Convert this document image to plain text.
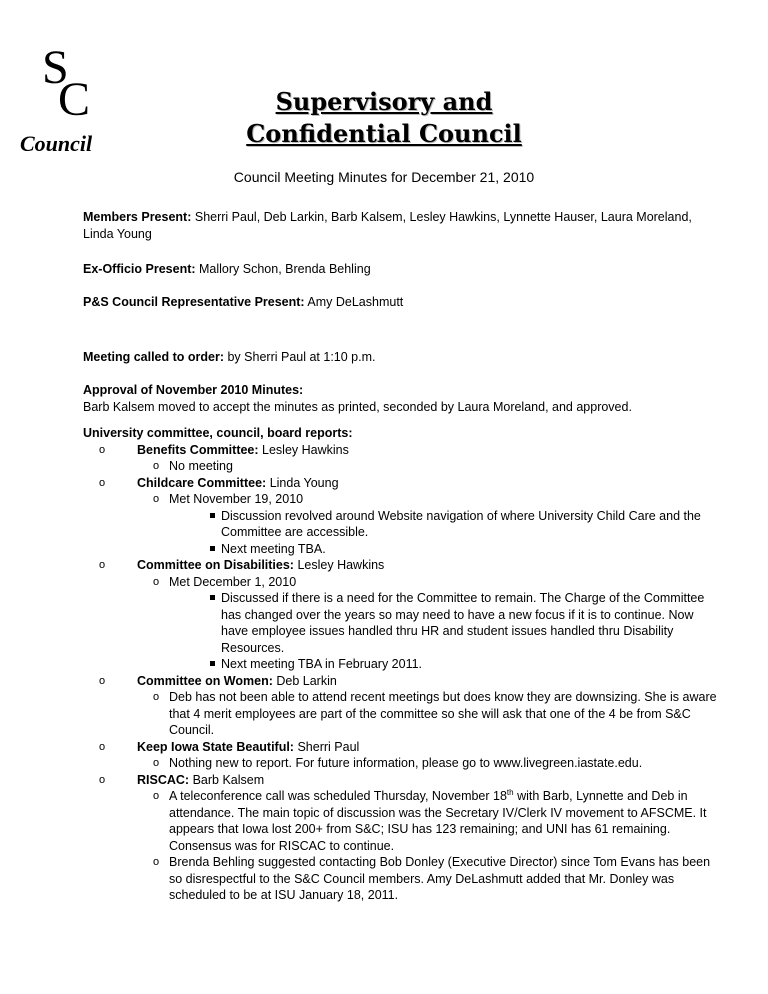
S
C
Council
Supervisory and
Confidential Council
Council Meeting Minutes for December 21, 2010
Members Present: Sherri Paul, Deb Larkin, Barb Kalsem, Lesley Hawkins, Lynnette Hauser, Laura Moreland, Linda Young
Ex-Officio Present: Mallory Schon, Brenda Behling
P&S Council Representative Present: Amy DeLashmutt
Meeting called to order: by Sherri Paul at 1:10 p.m.
Approval of November 2010 Minutes:
Barb Kalsem moved to accept the minutes as printed, seconded by Laura Moreland, and approved.
University committee, council, board reports:
o Benefits Committee: Lesley Hawkins
o No meeting
o Childcare Committee: Linda Young
o Met November 19, 2010
Discussion revolved around Website navigation of where University Child Care and the Committee are accessible.
Next meeting TBA.
o Committee on Disabilities: Lesley Hawkins
o Met December 1, 2010
Discussed if there is a need for the Committee to remain. The Charge of the Committee has changed over the years so may need to have a new focus if it is to continue. Now have employee issues handled thru HR and student issues handled thru Disability Resources.
Next meeting TBA in February 2011.
o Committee on Women: Deb Larkin
o Deb has not been able to attend recent meetings but does know they are downsizing. She is aware that 4 merit employees are part of the committee so she will ask that one of the 4 be from S&C Council.
o Keep Iowa State Beautiful: Sherri Paul
o Nothing new to report. For future information, please go to www.livegreen.iastate.edu.
o RISCAC: Barb Kalsem
o A teleconference call was scheduled Thursday, November 18th with Barb, Lynnette and Deb in attendance. The main topic of discussion was the Secretary IV/Clerk IV movement to AFSCME. It appears that Iowa lost 200+ from S&C; ISU has 123 remaining; and UNI has 61 remaining. Consensus was for RISCAC to continue.
o Brenda Behling suggested contacting Bob Donley (Executive Director) since Tom Evans has been so disrespectful to the S&C Council members. Amy DeLashmutt added that Mr. Donley was scheduled to be at ISU January 18, 2011.
